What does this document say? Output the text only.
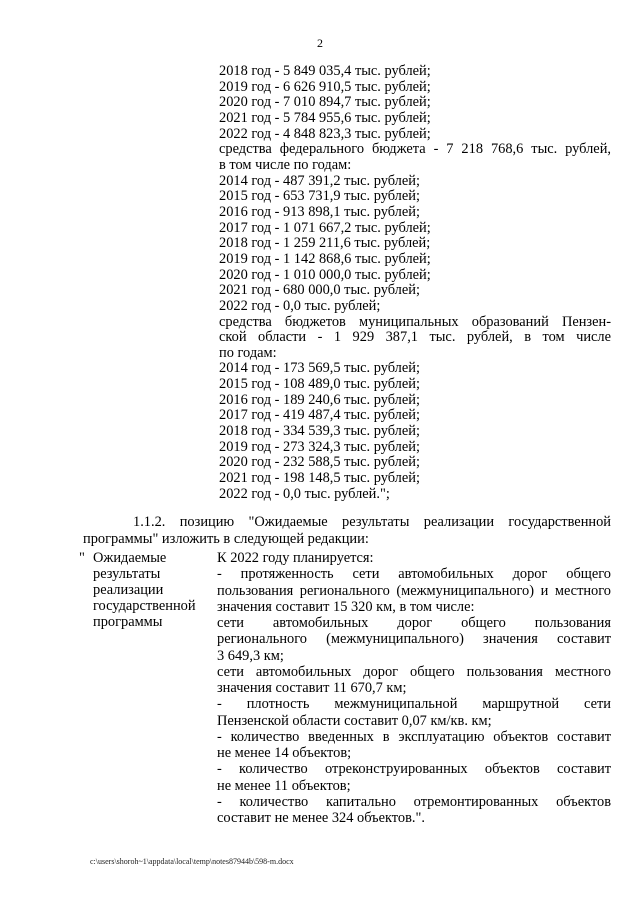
2
2018 год - 5 849 035,4 тыс. рублей;
2019 год - 6 626 910,5 тыс. рублей;
2020 год - 7 010 894,7 тыс. рублей;
2021 год - 5 784 955,6 тыс. рублей;
2022 год - 4 848 823,3 тыс. рублей;
средства федерального бюджета - 7 218 768,6 тыс. рублей,
в том числе по годам:
2014 год - 487 391,2 тыс. рублей;
2015 год - 653 731,9 тыс. рублей;
2016 год - 913 898,1 тыс. рублей;
2017 год - 1 071 667,2 тыс. рублей;
2018 год - 1 259 211,6 тыс. рублей;
2019 год - 1 142 868,6 тыс. рублей;
2020 год - 1 010 000,0 тыс. рублей;
2021 год - 680 000,0 тыс. рублей;
2022 год - 0,0 тыс. рублей;
средства бюджетов муниципальных образований Пензен-
ской области - 1 929 387,1 тыс. рублей, в том числе
по годам:
2014 год - 173 569,5 тыс. рублей;
2015 год - 108 489,0 тыс. рублей;
2016 год - 189 240,6 тыс. рублей;
2017 год - 419 487,4 тыс. рублей;
2018 год - 334 539,3 тыс. рублей;
2019 год - 273 324,3 тыс. рублей;
2020 год - 232 588,5 тыс. рублей;
2021 год - 198 148,5 тыс. рублей;
2022 год - 0,0 тыс. рублей.";
1.1.2. позицию "Ожидаемые результаты реализации государственной
программы" изложить в следующей редакции:
" Ожидаемые
результаты
реализации
государственной
программы
К 2022 году планируется:
- протяженность сети автомобильных дорог общего
пользования регионального (межмуниципального) и местного
значения составит 15 320 км, в том числе:
сети автомобильных дорог общего пользования
регионального (межмуниципального) значения составит
3 649,3 км;
сети автомобильных дорог общего пользования местного
значения составит 11 670,7 км;
- плотность межмуниципальной маршрутной сети
Пензенской области составит 0,07 км/кв. км;
- количество введенных в эксплуатацию объектов составит
не менее 14 объектов;
- количество отреконструированных объектов составит
не менее 11 объектов;
- количество капитально отремонтированных объектов
составит не менее 324 объектов.".
c:\users\shoroh~1\appdata\local\temp\notes87944b\598-m.docx
